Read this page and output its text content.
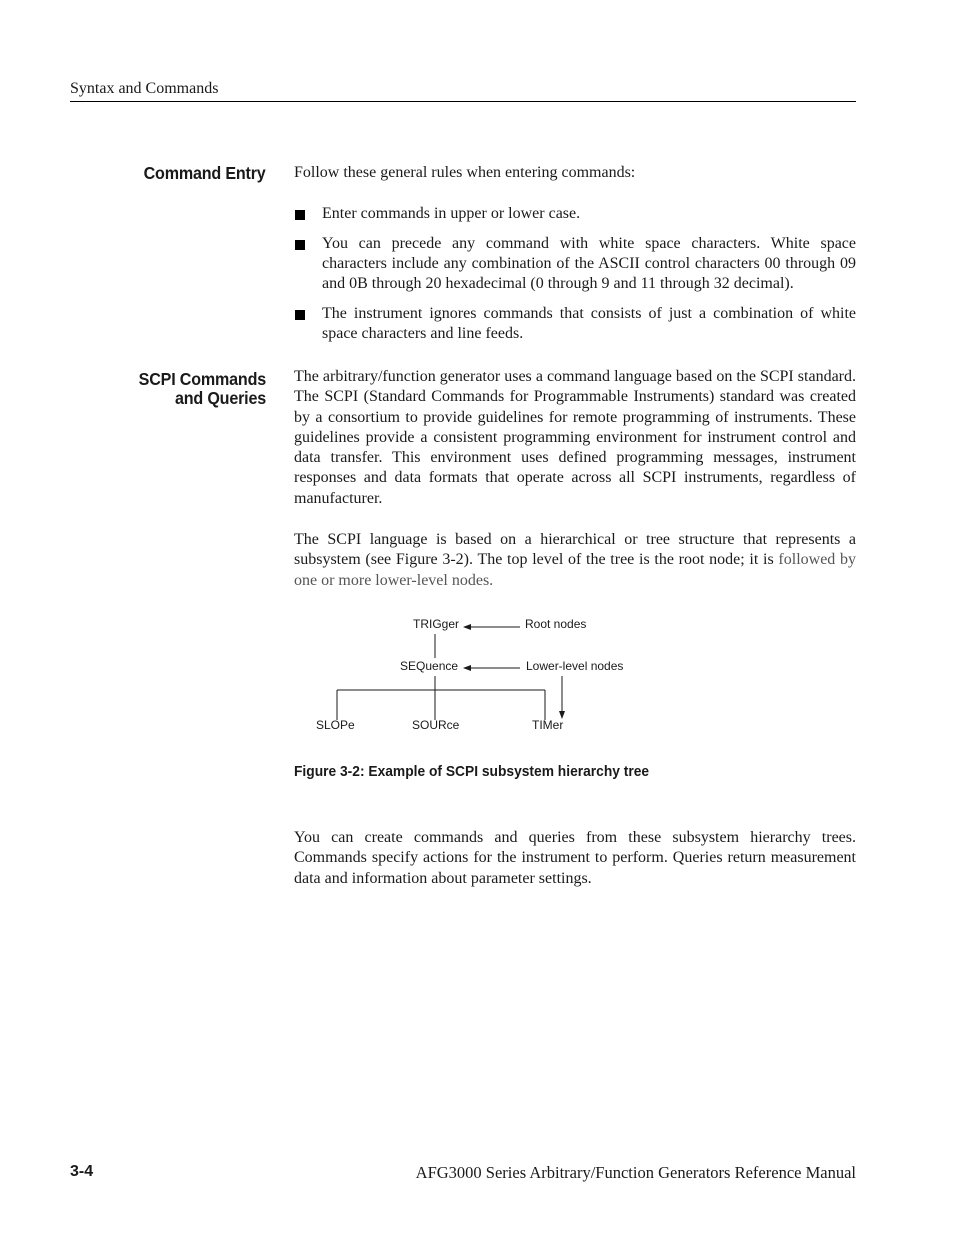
Syntax and Commands
Command Entry Follow these general rules when entering commands:
Enter commands in upper or lower case.
You can precede any command with white space characters. White space characters include any combination of the ASCII control characters 00 through 09 and 0B through 20 hexadecimal (0 through 9 and 11 through 32 decimal).
The instrument ignores commands that consists of just a combination of white space characters and line feeds.
SCPI Commands and Queries
The arbitrary/function generator uses a command language based on the SCPI standard. The SCPI (Standard Commands for Programmable Instruments) standard was created by a consortium to provide guidelines for remote programming of instruments. These guidelines provide a consistent programming environment for instrument control and data transfer. This environment uses defined programming messages, instrument responses and data formats that operate across all SCPI instruments, regardless of manufacturer.
The SCPI language is based on a hierarchical or tree structure that represents a subsystem (see Figure 3-2). The top level of the tree is the root node; it is followed by one or more lower-level nodes.
TRIGger
SEQuence
SLOPe	SOURce	TIMer
Root nodes
Lower-level nodes
Figure 3-2: Example of SCPI subsystem hierarchy tree
You can create commands and queries from these subsystem hierarchy trees. Commands specify actions for the instrument to perform. Queries return measurement data and information about parameter settings.
3-4	AFG3000 Series Arbitrary/Function Generators Reference Manual
